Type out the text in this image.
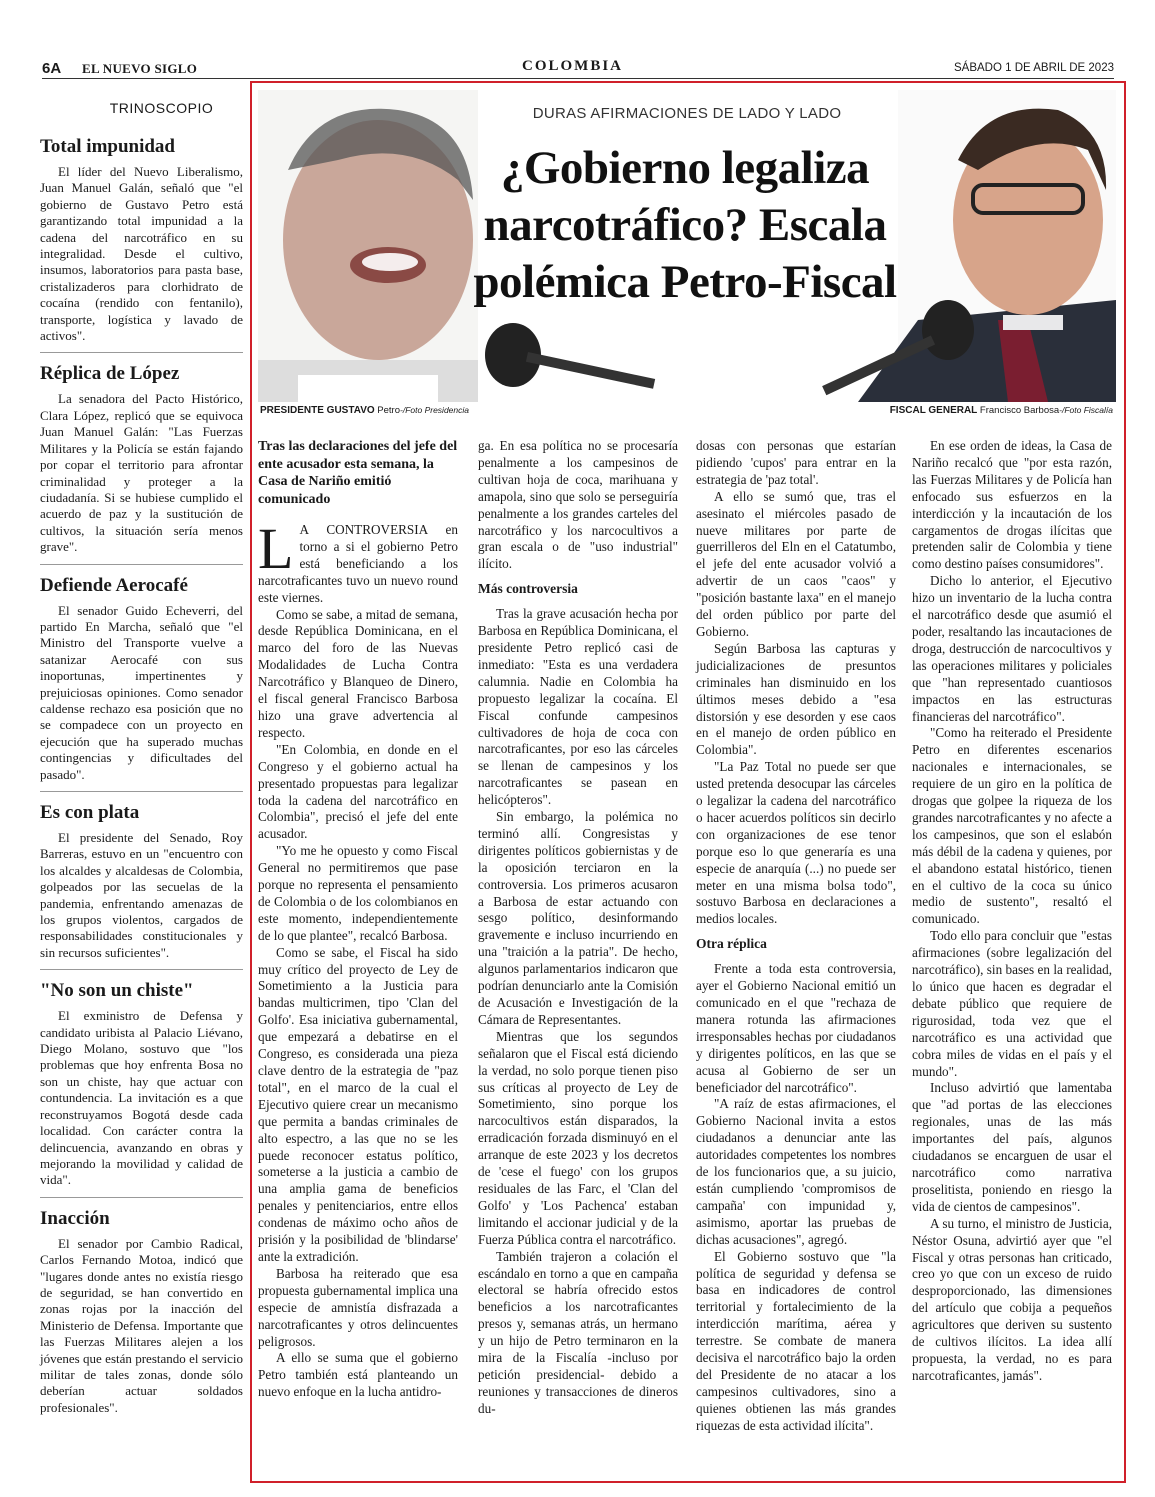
6A EL NUEVO SIGLO	COLOMBIA	SÁBADO 1 DE ABRIL DE 2023
TRINOSCOPIO
Total impunidad

El líder del Nuevo Liberalismo, Juan Manuel Galán, señaló que "el gobierno de Gustavo Petro está garantizando total impunidad a la cadena del narcotráfico en su integralidad. Desde el cultivo, insumos, laboratorios para pasta base, cristalizaderos para clorhidrato de cocaína (rendido con fentanilo), transporte, logística y lavado de activos".

Réplica de López

La senadora del Pacto Histórico, Clara López, replicó que se equivoca Juan Manuel Galán: "Las Fuerzas Militares y la Policía se están fajando por copar el territorio para afrontar criminalidad y proteger a la ciudadanía. Si se hubiese cumplido el acuerdo de paz y la sustitución de cultivos, la situación sería menos grave".

Defiende Aerocafé

El senador Guido Echeverri, del partido En Marcha, señaló que "el Ministro del Transporte vuelve a satanizar Aerocafé con sus inoportunas, impertinentes y prejuiciosas opiniones. Como senador caldense rechazo esa posición que no se compadece con un proyecto en ejecución que ha superado muchas contingencias y dificultades del pasado".

Es con plata

El presidente del Senado, Roy Barreras, estuvo en un "encuentro con los alcaldes y alcaldesas de Colombia, golpeados por las secuelas de la pandemia, enfrentando amenazas de los grupos violentos, cargados de responsabilidades constitucionales y sin recursos suficientes".

"No son un chiste"

El exministro de Defensa y candidato uribista al Palacio Liévano, Diego Molano, sostuvo que "los problemas que hoy enfrenta Bosa no son un chiste, hay que actuar con contundencia. La invitación es a que reconstruyamos Bogotá desde cada localidad. Con carácter contra la delincuencia, avanzando en obras y mejorando la movilidad y calidad de vida".

Inacción

El senador por Cambio Radical, Carlos Fernando Motoa, indicó que "lugares donde antes no existía riesgo de seguridad, se han convertido en zonas rojas por la inacción del Ministerio de Defensa. Importante que las Fuerzas Militares alejen a los jóvenes que están prestando el servicio militar de tales zonas, donde sólo deberían actuar soldados profesionales".

DURAS AFIRMACIONES DE LADO Y LADO
¿Gobierno legaliza narcotráfico? Escala polémica Petro-Fiscal
PRESIDENTE GUSTAVO Petro-/Foto Presidencia	FISCAL GENERAL Francisco Barbosa-/Foto Fiscalía
Tras las declaraciones del jefe del ente acusador esta semana, la Casa de Nariño emitió comunicado
L A CONTROVERSIA en torno a si el gobierno Petro está beneficiando a los narcotraficantes tuvo un nuevo round este viernes.

Como se sabe, a mitad de semana, desde República Dominicana, en el marco del foro de las Nuevas Modalidades de Lucha Contra Narcotráfico y Blanqueo de Dinero, el fiscal general Francisco Barbosa hizo una grave advertencia al respecto.

"En Colombia, en donde en el Congreso y el gobierno actual ha presentado propuestas para legalizar toda la cadena del narcotráfico en Colombia", precisó el jefe del ente acusador.

"Yo me he opuesto y como Fiscal General no permitiremos que pase porque no representa el pensamiento de Colombia o de los colombianos en este momento, independientemente de lo que plantee", recalcó Barbosa.

Como se sabe, el Fiscal ha sido muy crítico del proyecto de Ley de Sometimiento a la Justicia para bandas multicrimen, tipo 'Clan del Golfo'. Esa iniciativa gubernamental, que empezará a debatirse en el Congreso, es considerada una pieza clave dentro de la estrategia de "paz total", en el marco de la cual el Ejecutivo quiere crear un mecanismo que permita a bandas criminales de alto espectro, a las que no se les puede reconocer estatus político, someterse a la justicia a cambio de una amplia gama de beneficios penales y penitenciarios, entre ellos condenas de máximo ocho años de prisión y la posibilidad de 'blindarse' ante la extradición.

Barbosa ha reiterado que esa propuesta gubernamental implica una especie de amnistía disfrazada a narcotraficantes y otros delincuentes peligrosos.

A ello se suma que el gobierno Petro también está planteando un nuevo enfoque en la lucha antidro-

ga. En esa política no se procesaría penalmente a los campesinos de cultivan hoja de coca, marihuana y amapola, sino que solo se perseguiría penalmente a los grandes carteles del narcotráfico y los narcocultivos a gran escala o de "uso industrial" ilícito.

Más controversia

Tras la grave acusación hecha por Barbosa en República Dominicana, el presidente Petro replicó casi de inmediato: "Esta es una verdadera calumnia. Nadie en Colombia ha propuesto legalizar la cocaína. El Fiscal confunde campesinos cultivadores de hoja de coca con narcotraficantes, por eso las cárceles se llenan de campesinos y los narcotraficantes se pasean en helicópteros".

Sin embargo, la polémica no terminó allí. Congresistas y dirigentes políticos gobiernistas y de la oposición terciaron en la controversia. Los primeros acusaron a Barbosa de estar actuando con sesgo político, desinformando gravemente e incluso incurriendo en una "traición a la patria". De hecho, algunos parlamentarios indicaron que podrían denunciarlo ante la Comisión de Acusación e Investigación de la Cámara de Representantes.

Mientras que los segundos señalaron que el Fiscal está diciendo la verdad, no solo porque tienen piso sus críticas al proyecto de Ley de Sometimiento, sino porque los narcocultivos están disparados, la erradicación forzada disminuyó en el arranque de este 2023 y los decretos de 'cese el fuego' con los grupos residuales de las Farc, el 'Clan del Golfo' y 'Los Pachenca' estaban limitando el accionar judicial y de la Fuerza Pública contra el narcotráfico.

También trajeron a colación el escándalo en torno a que en campaña electoral se habría ofrecido estos beneficios a los narcotraficantes presos y, semanas atrás, un hermano y un hijo de Petro terminaron en la mira de la Fiscalía -incluso por petición presidencial- debido a reuniones y transacciones de dineros du-

dosas con personas que estarían pidiendo 'cupos' para entrar en la estrategia de 'paz total'.

A ello se sumó que, tras el asesinato el miércoles pasado de nueve militares por parte de guerrilleros del Eln en el Catatumbo, el jefe del ente acusador volvió a advertir de un caos "caos" y "posición bastante laxa" en el manejo del orden público por parte del Gobierno.

Según Barbosa las capturas y judicializaciones de presuntos criminales han disminuido en los últimos meses debido a "esa distorsión y ese desorden y ese caos en el manejo de orden público en Colombia".

"La Paz Total no puede ser que usted pretenda desocupar las cárceles o legalizar la cadena del narcotráfico o hacer acuerdos políticos sin decirlo con organizaciones de ese tenor porque eso lo que generaría es una especie de anarquía (...) no puede ser meter en una misma bolsa todo", sostuvo Barbosa en declaraciones a medios locales.

Otra réplica

Frente a toda esta controversia, ayer el Gobierno Nacional emitió un comunicado en el que "rechaza de manera rotunda las afirmaciones irresponsables hechas por ciudadanos y dirigentes políticos, en las que se acusa al Gobierno de ser un beneficiador del narcotráfico".

"A raíz de estas afirmaciones, el Gobierno Nacional invita a estos ciudadanos a denunciar ante las autoridades competentes los nombres de los funcionarios que, a su juicio, están cumpliendo 'compromisos de campaña' con impunidad y, asimismo, aportar las pruebas de dichas acusaciones", agregó.

El Gobierno sostuvo que "la política de seguridad y defensa se basa en indicadores de control territorial y fortalecimiento de la interdicción marítima, aérea y terrestre. Se combate de manera decisiva el narcotráfico bajo la orden del Presidente de no atacar a los campesinos cultivadores, sino a quienes obtienen las más grandes riquezas de esta actividad ilícita".

En ese orden de ideas, la Casa de Nariño recalcó que "por esta razón, las Fuerzas Militares y de Policía han enfocado sus esfuerzos en la interdicción y la incautación de los cargamentos de drogas ilícitas que pretenden salir de Colombia y tiene como destino países consumidores".

Dicho lo anterior, el Ejecutivo hizo un inventario de la lucha contra el narcotráfico desde que asumió el poder, resaltando las incautaciones de droga, destrucción de narcocultivos y las operaciones militares y policiales que "han representado cuantiosos impactos en las estructuras financieras del narcotráfico".

"Como ha reiterado el Presidente Petro en diferentes escenarios nacionales e internacionales, se requiere de un giro en la política de drogas que golpee la riqueza de los grandes narcotraficantes y no afecte a los campesinos, que son el eslabón más débil de la cadena y quienes, por el abandono estatal histórico, tienen en el cultivo de la coca su único medio de sustento", resaltó el comunicado.

Todo ello para concluir que "estas afirmaciones (sobre legalización del narcotráfico), sin bases en la realidad, lo único que hacen es degradar el debate público que requiere de rigurosidad, toda vez que el narcotráfico es una actividad que cobra miles de vidas en el país y el mundo".

Incluso advirtió que lamentaba que "ad portas de las elecciones regionales, unas de las más importantes del país, algunos ciudadanos se encarguen de usar el narcotráfico como narrativa proselitista, poniendo en riesgo la vida de cientos de campesinos".

A su turno, el ministro de Justicia, Néstor Osuna, advirtió ayer que "el Fiscal y otras personas han criticado, creo yo que con un exceso de ruido desproporcionado, las dimensiones del artículo que cobija a pequeños agricultores que deriven su sustento de cultivos ilícitos. La idea allí propuesta, la verdad, no es para narcotraficantes, jamás".
